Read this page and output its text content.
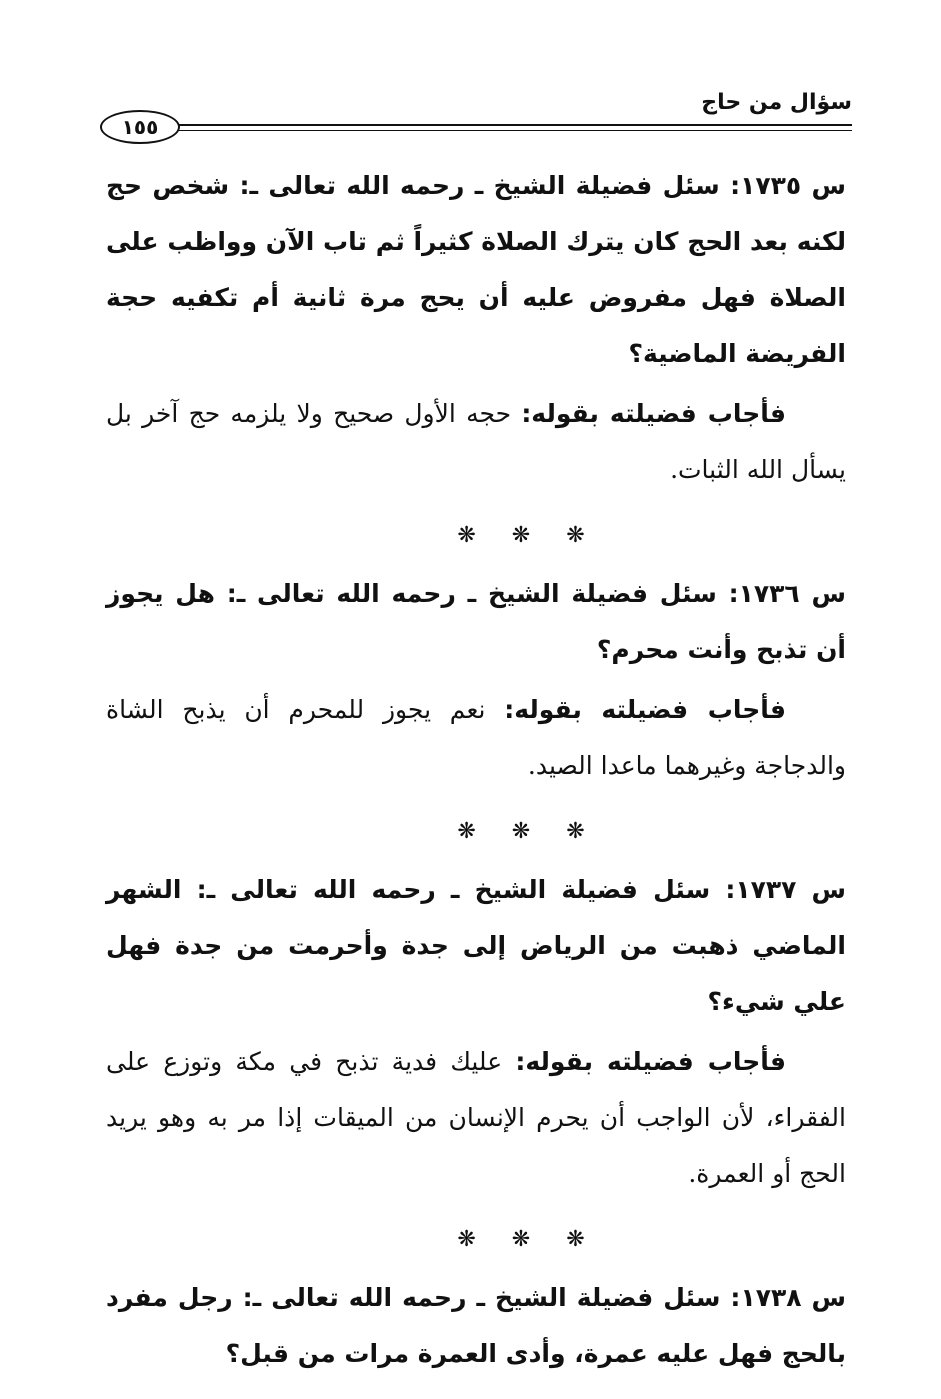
سؤال من حاج
١٥٥

س ١٧٣٥: سئل فضيلة الشيخ ـ رحمه الله تعالى ـ: شخص حج لكنه بعد الحج كان يترك الصلاة كثيراً ثم تاب الآن وواظب على الصلاة فهل مفروض عليه أن يحج مرة ثانية أم تكفيه حجة الفريضة الماضية؟

فأجاب فضيلته بقوله: حجه الأول صحيح ولا يلزمه حج آخر بل يسأل الله الثبات.

❋ ❋ ❋

س ١٧٣٦: سئل فضيلة الشيخ ـ رحمه الله تعالى ـ: هل يجوز أن تذبح وأنت محرم؟

فأجاب فضيلته بقوله: نعم يجوز للمحرم أن يذبح الشاة والدجاجة وغيرهما ماعدا الصيد.

❋ ❋ ❋

س ١٧٣٧: سئل فضيلة الشيخ ـ رحمه الله تعالى ـ: الشهر الماضي ذهبت من الرياض إلى جدة وأحرمت من جدة فهل علي شيء؟

فأجاب فضيلته بقوله: عليك فدية تذبح في مكة وتوزع على الفقراء، لأن الواجب أن يحرم الإنسان من الميقات إذا مر به وهو يريد الحج أو العمرة.

❋ ❋ ❋

س ١٧٣٨: سئل فضيلة الشيخ ـ رحمه الله تعالى ـ: رجل مفرد بالحج فهل عليه عمرة، وأدى العمرة مرات من قبل؟
